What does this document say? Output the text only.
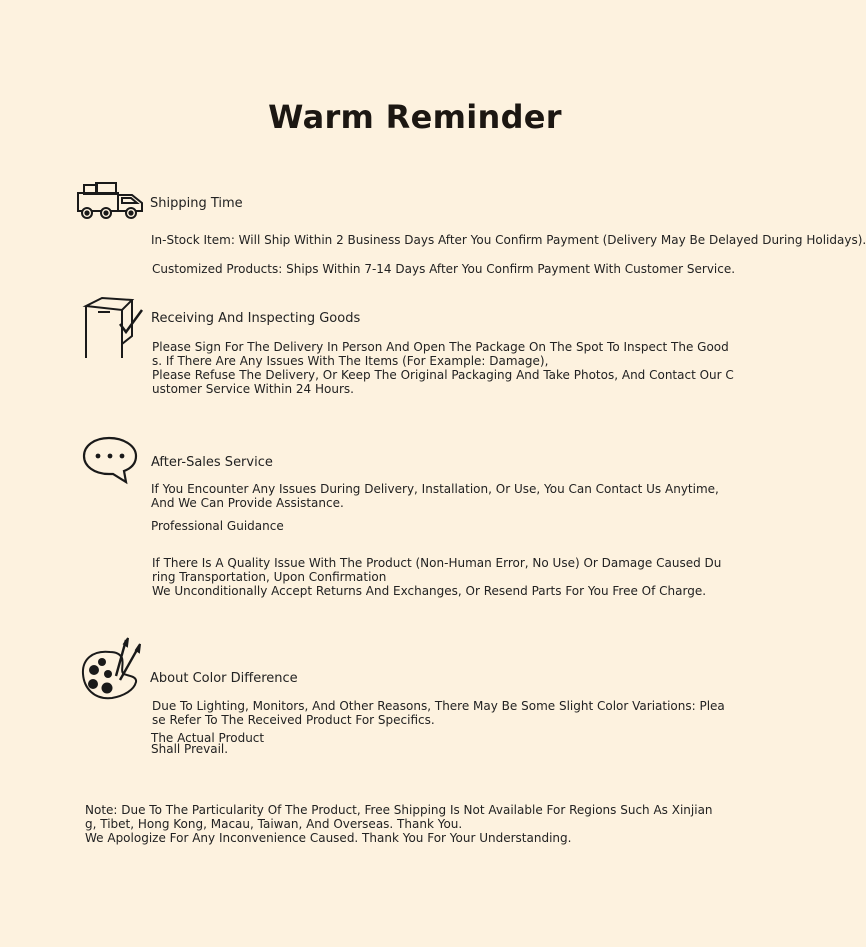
Warm Reminder
Shipping Time
In-Stock Item: Will Ship Within 2 Business Days After You Confirm Payment (Delivery May Be Delayed During Holidays).
Customized Products: Ships Within 7-14 Days After You Confirm Payment With Customer Service.
Receiving And Inspecting Goods
Please Sign For The Delivery In Person And Open The Package On The Spot To Inspect The Goods. If There Are Any Issues With The Items (For Example: Damage),
Please Refuse The Delivery, Or Keep The Original Packaging And Take Photos, And Contact Our Customer Service Within 24 Hours.
After-Sales Service
If You Encounter Any Issues During Delivery, Installation, Or Use, You Can Contact Us Anytime, And We Can Provide Assistance.
Professional Guidance
If There Is A Quality Issue With The Product (Non-Human Error, No Use) Or Damage Caused During Transportation, Upon Confirmation
We Unconditionally Accept Returns And Exchanges, Or Resend Parts For You Free Of Charge.
About Color Difference
Due To Lighting, Monitors, And Other Reasons, There May Be Some Slight Color Variations: Please Refer To The Received Product For Specifics.
The Actual Product
Shall Prevail.
Note: Due To The Particularity Of The Product, Free Shipping Is Not Available For Regions Such As Xinjiang, Tibet, Hong Kong, Macau, Taiwan, And Overseas. Thank You.
We Apologize For Any Inconvenience Caused. Thank You For Your Understanding.
